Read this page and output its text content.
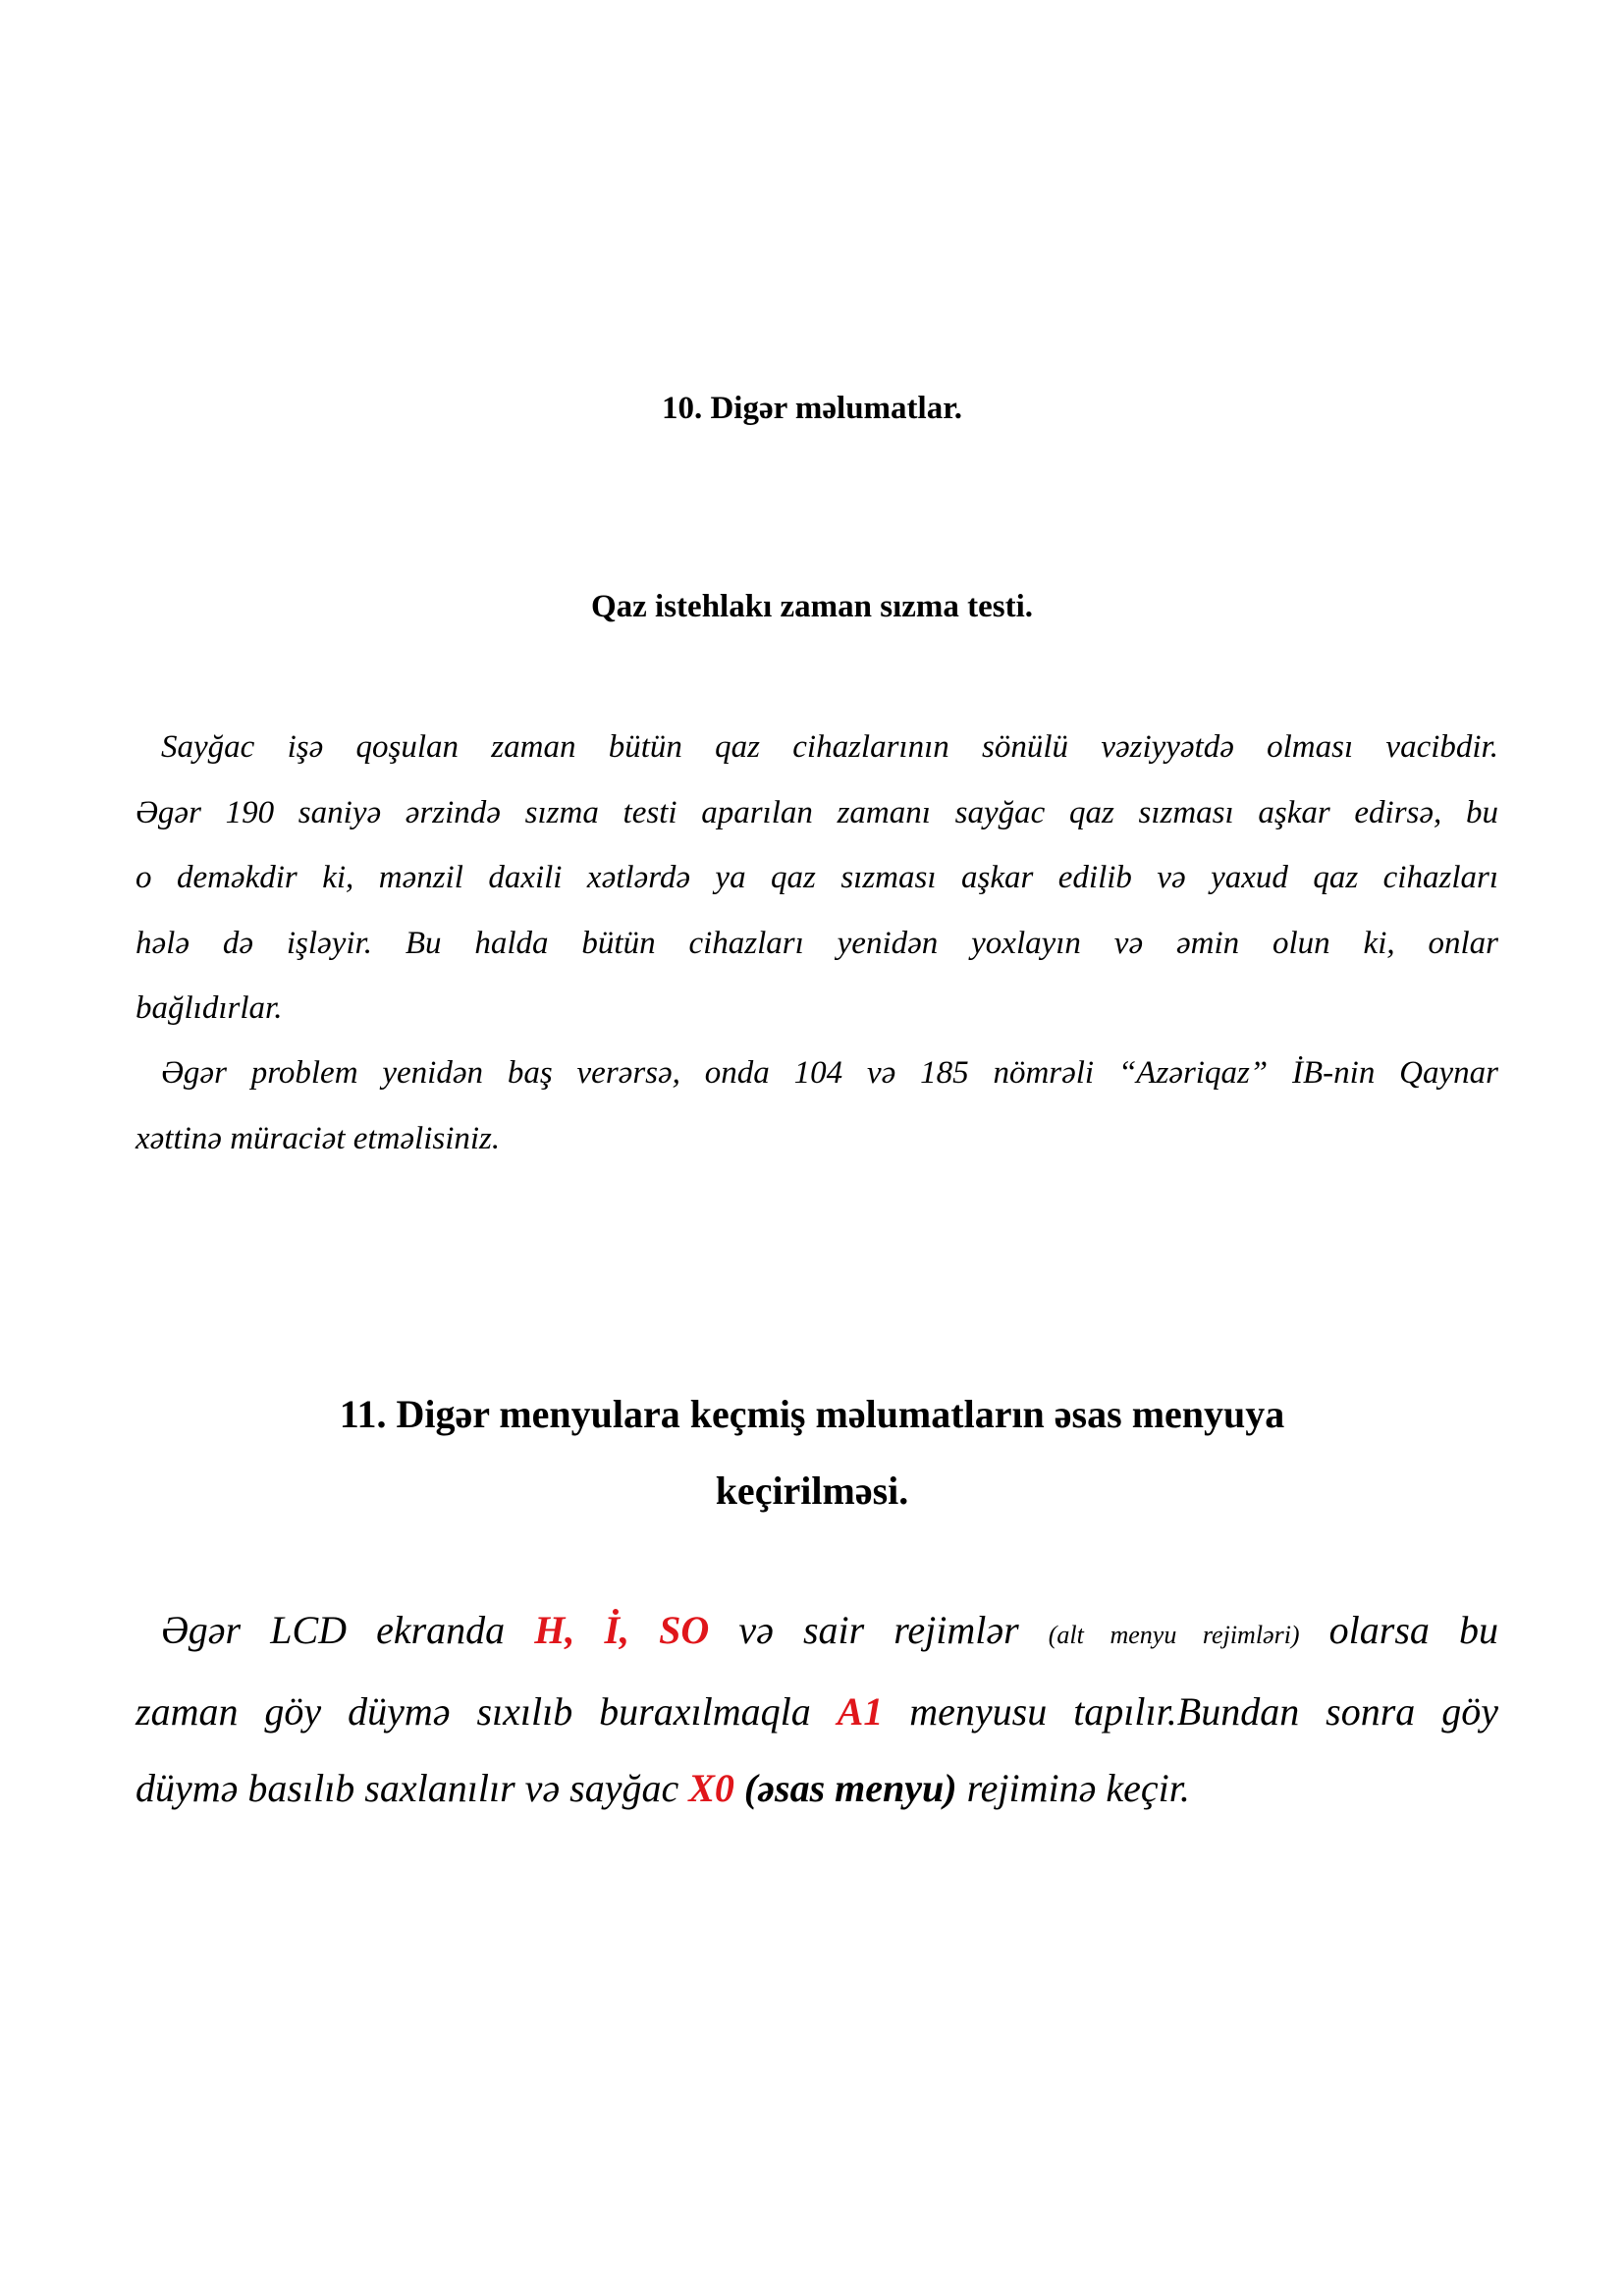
10. Digər məlumatlar.
Qaz istehlakı zaman sızma testi.
Sayğac işə qoşulan zaman bütün qaz cihazlarının sönülü vəziyyətdə olması vacibdir.
Əgər 190 saniyə ərzində sızma testi aparılan zamanı sayğac qaz sızması aşkar edirsə, bu
o deməkdir ki, mənzil daxili xətlərdə ya qaz sızması aşkar edilib və yaxud qaz cihazları
hələ də işləyir. Bu halda bütün cihazları yenidən yoxlayın və əmin olun ki, onlar
bağlıdırlar.
Əgər problem yenidən baş verərsə, onda 104 və 185 nömrəli “Azəriqaz” İB-nin Qaynar
xəttinə müraciət etməlisiniz.
11. Digər menyulara keçmiş məlumatların əsas menyuya
keçirilməsi.
Əgər LCD ekranda H, İ, SO və sair rejimlər (alt menyu rejimləri) olarsa bu
zaman göy düymə sıxılıb buraxılmaqla A1 menyusu tapılır.Bundan sonra göy
düymə basılıb saxlanılır və sayğac X0 (əsas menyu) rejiminə keçir.
